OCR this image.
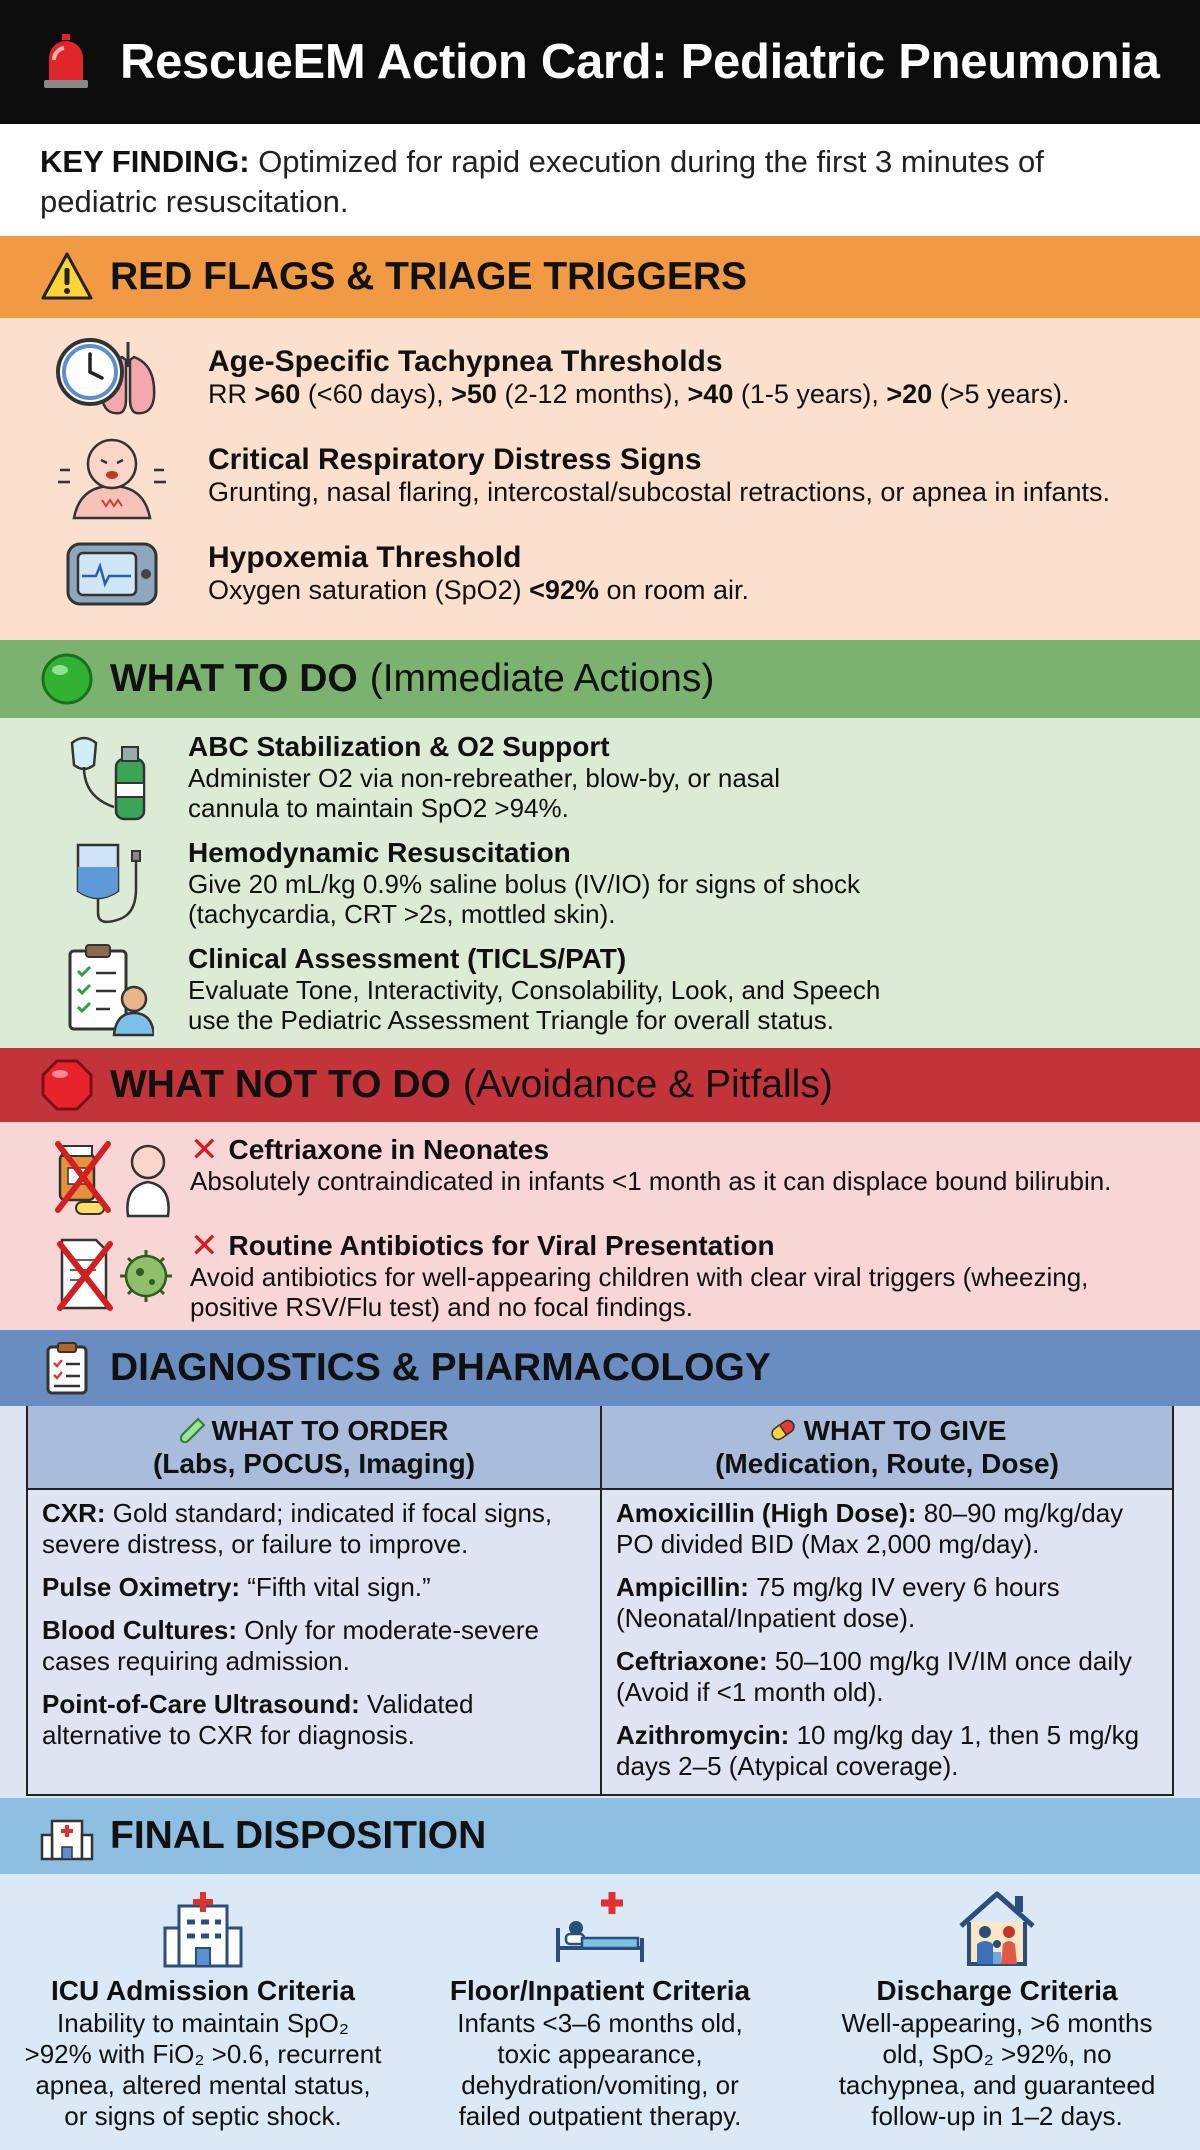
RescueEM Action Card: Pediatric Pneumonia
KEY FINDING: Optimized for rapid execution during the first 3 minutes of pediatric resuscitation.
RED FLAGS & TRIAGE TRIGGERS
Age-Specific Tachypnea Thresholds

RR >60 (<60 days), >50 (2-12 months), >40 (1-5 years), >20 (>5 years).

Critical Respiratory Distress Signs

Grunting, nasal flaring, intercostal/subcostal retractions, or apnea in infants.

Hypoxemia Threshold

Oxygen saturation (SpO2) <92% on room air.

WHAT TO DO (Immediate Actions)
ABC Stabilization & O2 Support

Administer O2 via non-rebreather, blow-by, or nasal

cannula to maintain SpO2 >94%.

Hemodynamic Resuscitation

Give 20 mL/kg 0.9% saline bolus (IV/IO) for signs of shock

(tachycardia, CRT >2s, mottled skin).

Clinical Assessment (TICLS/PAT)

Evaluate Tone, Interactivity, Consolability, Look, and Speech

use the Pediatric Assessment Triangle for overall status.

WHAT NOT TO DO (Avoidance & Pitfalls)
✕ Ceftriaxone in Neonates

Absolutely contraindicated in infants <1 month as it can displace bound bilirubin.

✕ Routine Antibiotics for Viral Presentation

Avoid antibiotics for well-appearing children with clear viral triggers (wheezing,

positive RSV/Flu test) and no focal findings.

DIAGNOSTICS & PHARMACOLOGY
WHAT TO ORDER
(Labs, POCUS, Imaging)
CXR: Gold standard; indicated if focal signs, severe distress, or failure to improve.
Pulse Oximetry: “Fifth vital sign.”
Blood Cultures: Only for moderate-severe cases requiring admission.
Point-of-Care Ultrasound: Validated alternative to CXR for diagnosis.
WHAT TO GIVE
(Medication, Route, Dose)
Amoxicillin (High Dose): 80–90 mg/kg/day PO divided BID (Max 2,000 mg/day).
Ampicillin: 75 mg/kg IV every 6 hours (Neonatal/Inpatient dose).
Ceftriaxone: 50–100 mg/kg IV/IM once daily (Avoid if <1 month old).
Azithromycin: 10 mg/kg day 1, then 5 mg/kg days 2–5 (Atypical coverage).
FINAL DISPOSITION
ICU Admission Criteria

Inability to maintain SpO₂

>92% with FiO₂ >0.6, recurrent

apnea, altered mental status,

or signs of septic shock.

Floor/Inpatient Criteria

Infants <3–6 months old,

toxic appearance,

dehydration/vomiting, or

failed outpatient therapy.

Discharge Criteria

Well-appearing, >6 months

old, SpO₂ >92%, no

tachypnea, and guaranteed

follow-up in 1–2 days.
